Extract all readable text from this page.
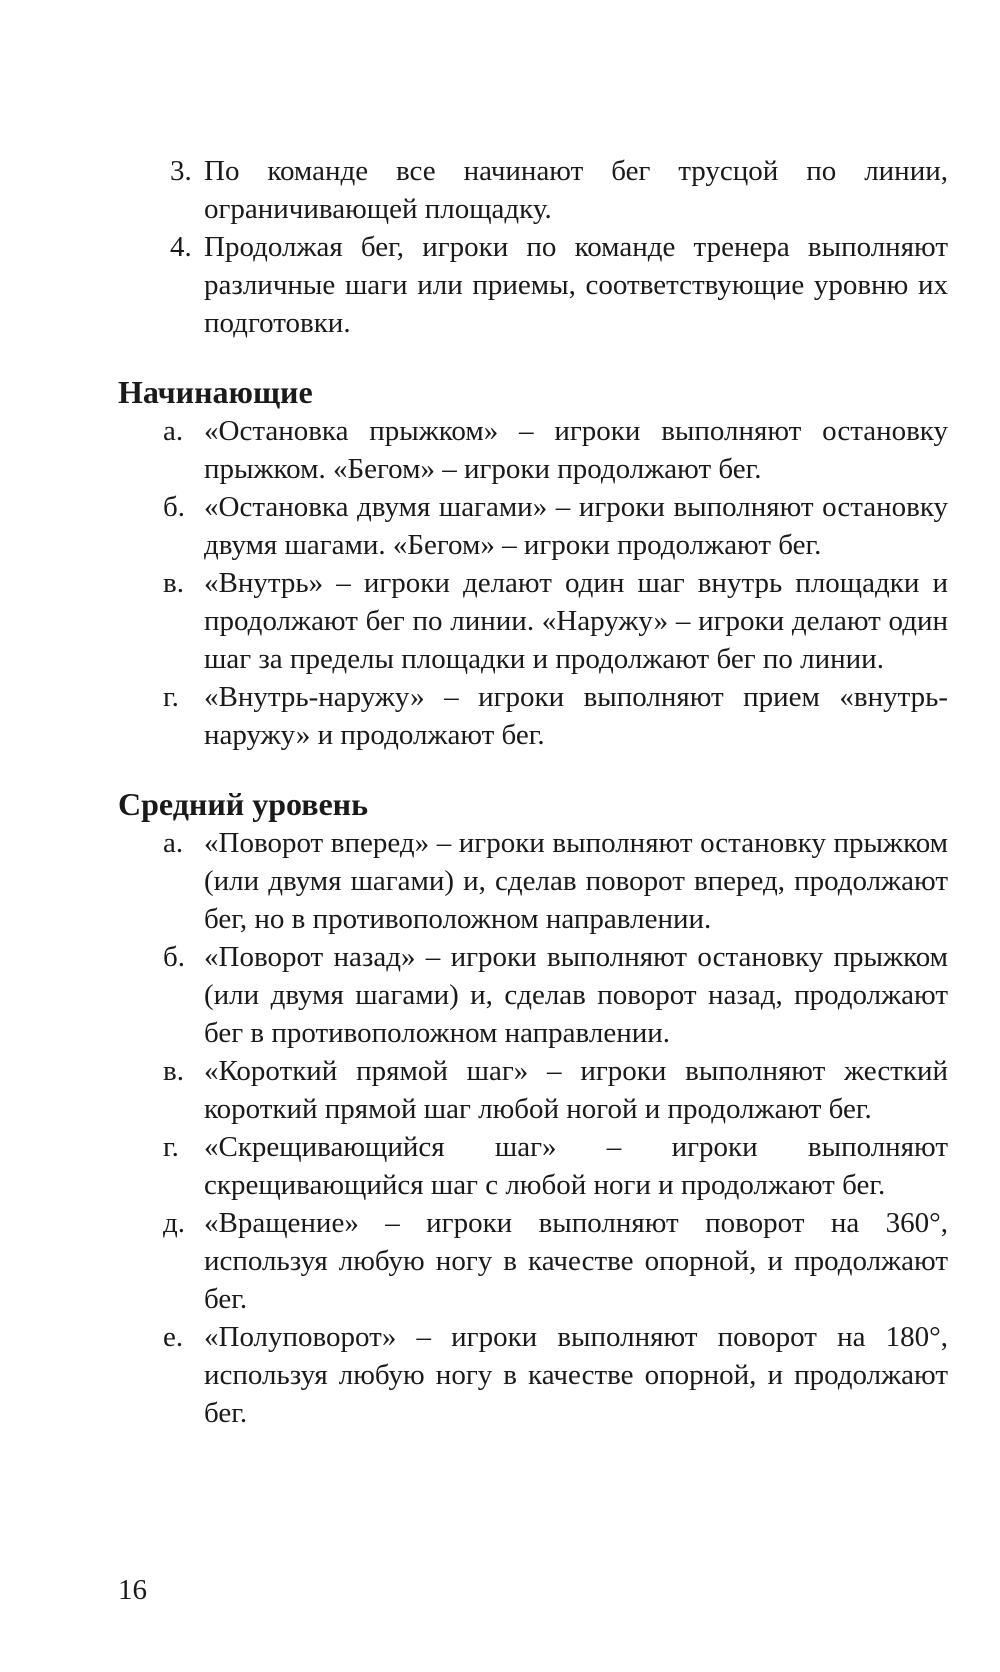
3. По команде все начинают бег трусцой по линии, ограничивающей площадку.
4. Продолжая бег, игроки по команде тренера выполняют различные шаги или приемы, соответствующие уровню их подготовки.
Начинающие
а. «Остановка прыжком» – игроки выполняют остановку прыжком. «Бегом» – игроки продолжают бег.
б. «Остановка двумя шагами» – игроки выполняют остановку двумя шагами. «Бегом» – игроки продолжают бег.
в. «Внутрь» – игроки делают один шаг внутрь площадки и продолжают бег по линии. «Наружу» – игроки делают один шаг за пределы площадки и продолжают бег по линии.
г. «Внутрь-наружу» – игроки выполняют прием «внутрь-наружу» и продолжают бег.
Средний уровень
а. «Поворот вперед» – игроки выполняют остановку прыжком (или двумя шагами) и, сделав поворот вперед, продолжают бег, но в противоположном направлении.
б. «Поворот назад» – игроки выполняют остановку прыжком (или двумя шагами) и, сделав поворот назад, продолжают бег в противоположном направлении.
в. «Короткий прямой шаг» – игроки выполняют жесткий короткий прямой шаг любой ногой и продолжают бег.
г. «Скрещивающийся шаг» – игроки выполняют скрещивающийся шаг с любой ноги и продолжают бег.
д. «Вращение» – игроки выполняют поворот на 360°, используя любую ногу в качестве опорной, и продолжают бег.
е. «Полуповорот» – игроки выполняют поворот на 180°, используя любую ногу в качестве опорной, и продолжают бег.
16
